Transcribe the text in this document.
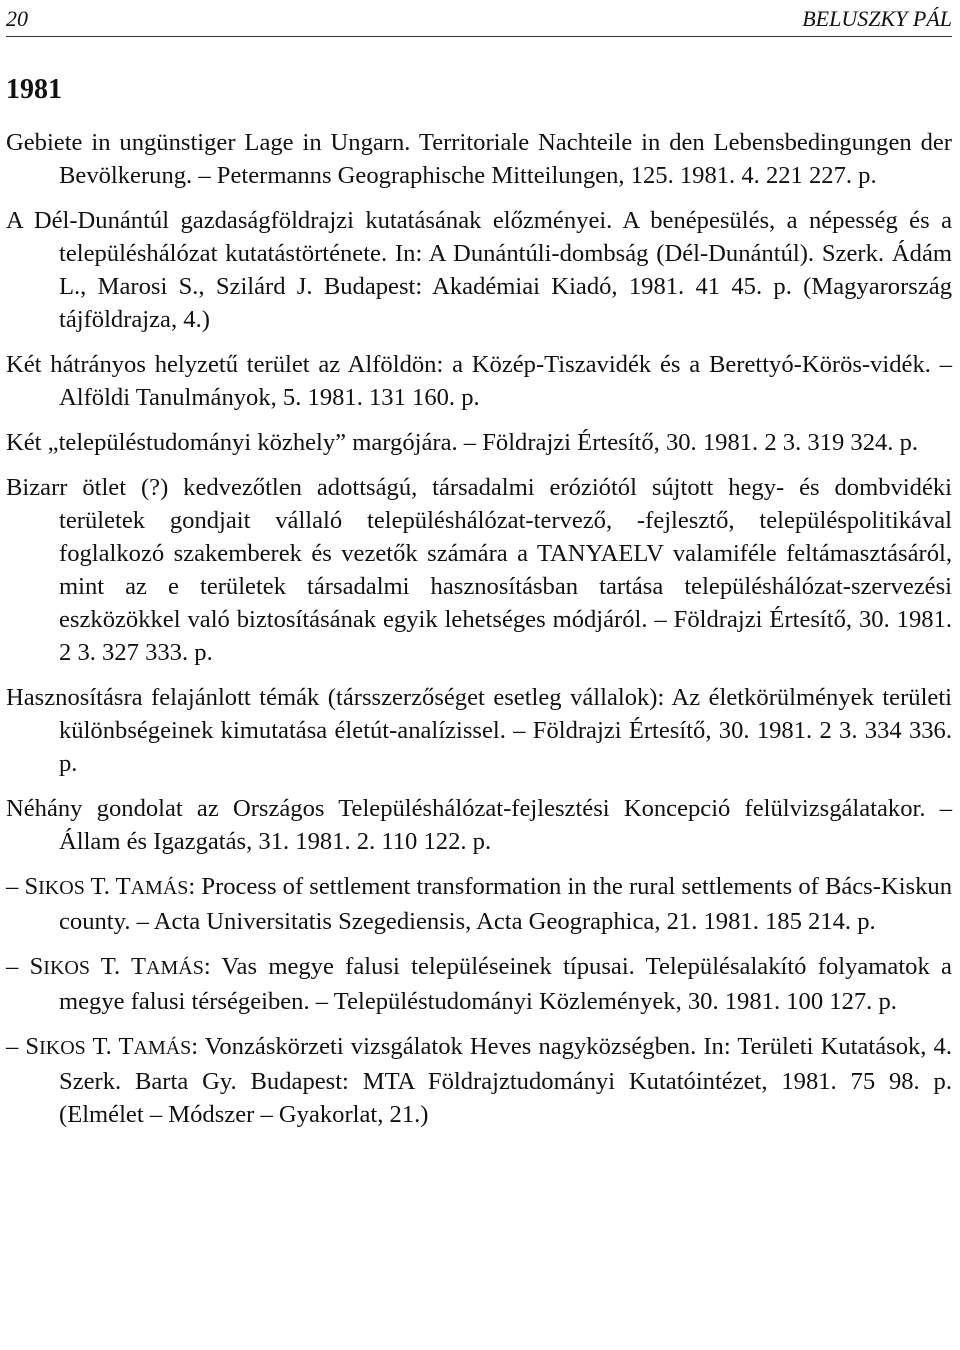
20	BELUSZKY PÁL
1981

Gebiete in ungünstiger Lage in Ungarn. Territoriale Nachteile in den Lebensbedingungen der Bevölkerung. – Petermanns Geographische Mitteilungen, 125. 1981. 4. 221 227. p.

A Dél-Dunántúl gazdaságföldrajzi kutatásának előzményei. A benépesülés, a népesség és a településhálózat kutatástörténete. In: A Dunántúli-dombság (Dél-Dunántúl). Szerk. Ádám L., Marosi S., Szilárd J. Budapest: Akadémiai Kiadó, 1981. 41 45. p. (Magyarország tájföldrajza, 4.)

Két hátrányos helyzetű terület az Alföldön: a Közép-Tiszavidék és a Berettyó-Körös-vidék. – Alföldi Tanulmányok, 5. 1981. 131 160. p.

Két „településtudományi közhely” margójára. – Földrajzi Értesítő, 30. 1981. 2 3. 319 324. p.

Bizarr ötlet (?) kedvezőtlen adottságú, társadalmi eróziótól sújtott hegy- és dombvidéki területek gondjait vállaló településhálózat-tervező, -fejlesztő, településpolitikával foglalkozó szakemberek és vezetők számára a TANYAELV valamiféle feltámasztásáról, mint az e területek társadalmi hasznosításban tartása településhálózat-szervezési eszközökkel való biztosításának egyik lehetséges módjáról. – Földrajzi Értesítő, 30. 1981. 2 3. 327 333. p.

Hasznosításra felajánlott témák (társszerzőséget esetleg vállalok): Az életkörülmények területi különbségeinek kimutatása életút-analízissel. – Földrajzi Értesítő, 30. 1981. 2 3. 334 336. p.

Néhány gondolat az Országos Településhálózat-fejlesztési Koncepció felülvizsgálatakor. – Állam és Igazgatás, 31. 1981. 2. 110 122. p.

– SIKOS T. TAMÁS: Process of settlement transformation in the rural settlements of Bács-Kiskun county. – Acta Universitatis Szegediensis, Acta Geographica, 21. 1981. 185 214. p.

– SIKOS T. TAMÁS: Vas megye falusi településeinek típusai. Településalakító folyamatok a megye falusi térségeiben. – Településtudományi Közlemények, 30. 1981. 100 127. p.

– SIKOS T. TAMÁS: Vonzáskörzeti vizsgálatok Heves nagyközségben. In: Területi Kutatások, 4. Szerk. Barta Gy. Budapest: MTA Földrajztudományi Kutatóintézet, 1981. 75 98. p. (Elmélet – Módszer – Gyakorlat, 21.)
